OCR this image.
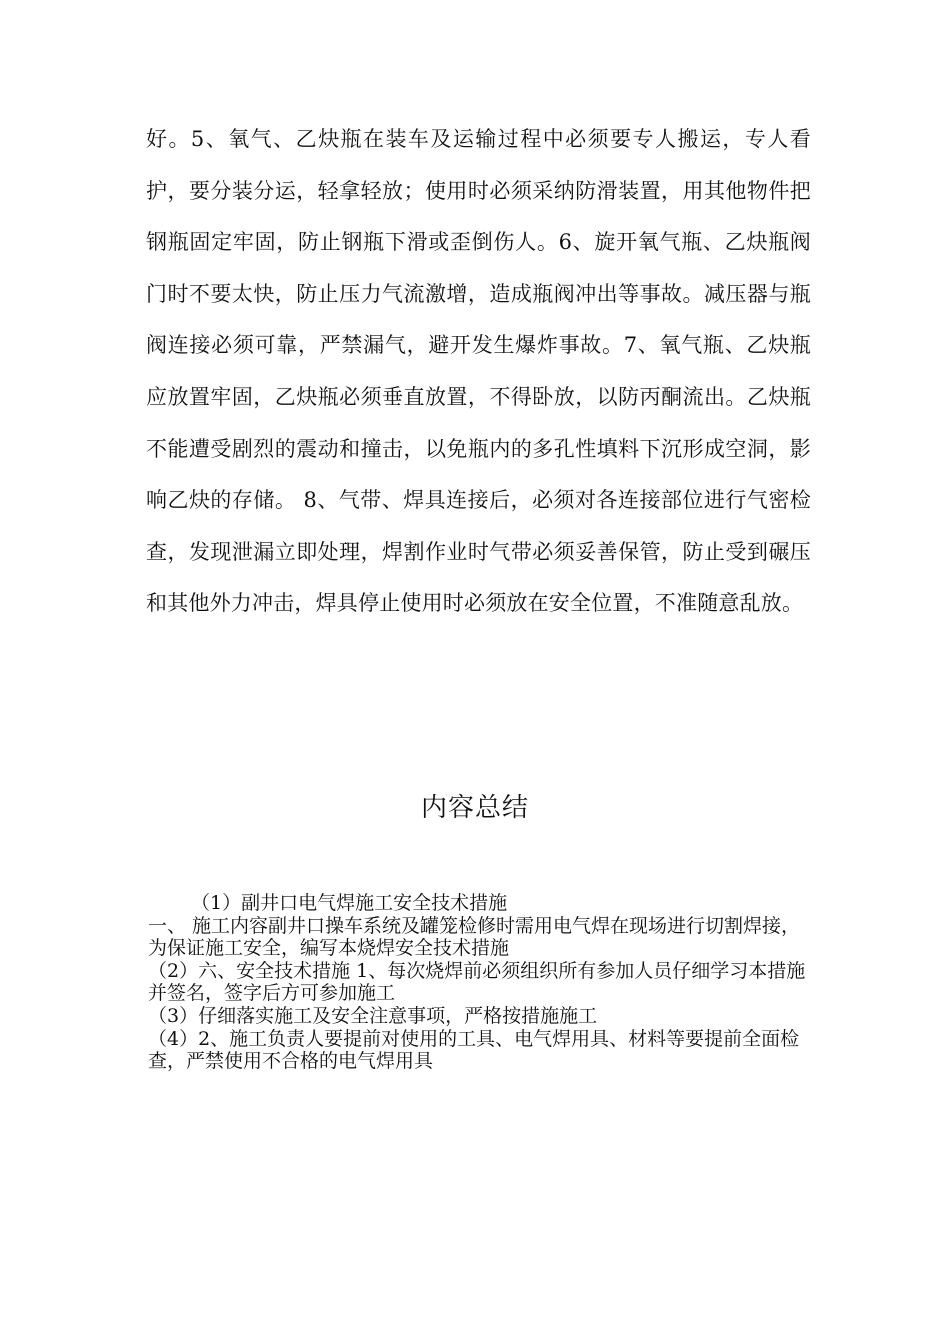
好。5、氧气、乙炔瓶在装车及运输过程中必须要专人搬运，专人看护，要分装分运，轻拿轻放；使用时必须采纳防滑装置，用其他物件把钢瓶固定牢固，防止钢瓶下滑或歪倒伤人。6、旋开氧气瓶、乙炔瓶阀门时不要太快，防止压力气流激增，造成瓶阀冲出等事故。减压器与瓶阀连接必须可靠，严禁漏气，避开发生爆炸事故。7、氧气瓶、乙炔瓶应放置牢固，乙炔瓶必须垂直放置，不得卧放，以防丙酮流出。乙炔瓶不能遭受剧烈的震动和撞击，以免瓶内的多孔性填料下沉形成空洞，影响乙炔的存储。 8、气带、焊具连接后，必须对各连接部位进行气密检查，发现泄漏立即处理，焊割作业时气带必须妥善保管，防止受到碾压和其他外力冲击，焊具停止使用时必须放在安全位置，不准随意乱放。

内容总结
（1）副井口电气焊施工安全技术措施
一、 施工内容副井口操车系统及罐笼检修时需用电气焊在现场进行切割焊接，为保证施工安全，编写本烧焊安全技术措施
（2）六、安全技术措施 1、每次烧焊前必须组织所有参加人员仔细学习本措施并签名，签字后方可参加施工
（3）仔细落实施工及安全注意事项，严格按措施施工
（4）2、施工负责人要提前对使用的工具、电气焊用具、材料等要提前全面检查，严禁使用不合格的电气焊用具
